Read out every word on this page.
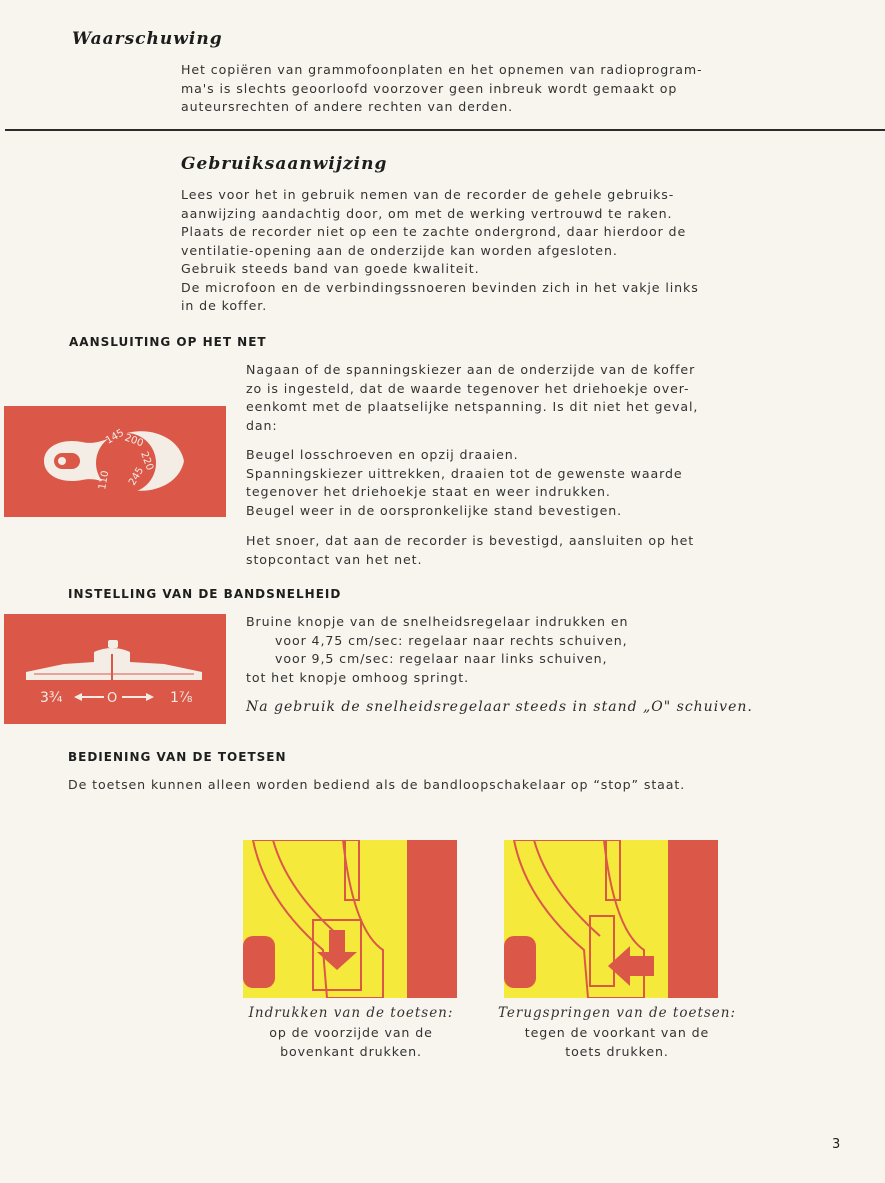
Waarschuwing

Het copiëren van grammofoonplaten en het opnemen van radioprogram-

ma's is slechts geoorloofd voorzover geen inbreuk wordt gemaakt op

auteursrechten of andere rechten van derden.

Gebruiksaanwijzing

Lees voor het in gebruik nemen van de recorder de gehele gebruiks-

aanwijzing aandachtig door, om met de werking vertrouwd te raken.

Plaats de recorder niet op een te zachte ondergrond, daar hierdoor de

ventilatie-opening aan de onderzijde kan worden afgesloten.

Gebruik steeds band van goede kwaliteit.

De microfoon en de verbindingssnoeren bevinden zich in het vakje links

in de koffer.

AANSLUITING OP HET NET
145
200
220
245
110	~

Nagaan of de spanningskiezer aan de onderzijde van de koffer

zo is ingesteld, dat de waarde tegenover het driehoekje over-

eenkomt met de plaatselijke netspanning. Is dit niet het geval,

dan:

Beugel losschroeven en opzij draaien.

Spanningskiezer uittrekken, draaien tot de gewenste waarde

tegenover het driehoekje staat en weer indrukken.

Beugel weer in de oorspronkelijke stand bevestigen.

Het snoer, dat aan de recorder is bevestigd, aansluiten op het

stopcontact van het net.

INSTELLING VAN DE BANDSNELHEID
3¾	O	1⅞

Bruine knopje van de snelheidsregelaar indrukken en

voor 4,75 cm/sec: regelaar naar rechts schuiven,

voor 9,5 cm/sec: regelaar naar links schuiven,

tot het knopje omhoog springt.

Na gebruik de snelheidsregelaar steeds in stand „O" schuiven.
BEDIENING VAN DE TOETSEN
De toetsen kunnen alleen worden bediend als de bandloopschakelaar op “stop” staat.
Indrukken van de toetsen:
op de voorzijde van de
bovenkant drukken.
Terugspringen van de toetsen:
tegen de voorkant van de
toets drukken.
3
